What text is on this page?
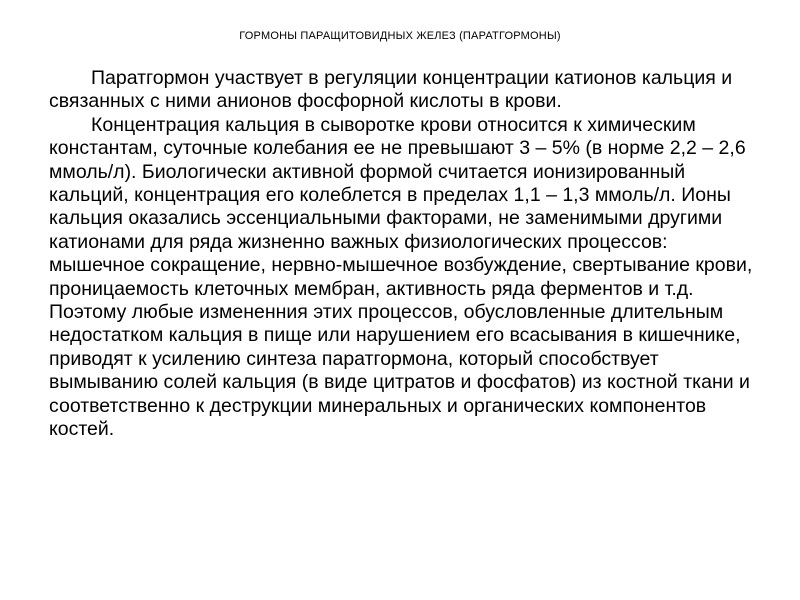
ГОРМОНЫ ПАРАЩИТОВИДНЫХ ЖЕЛЕЗ (ПАРАТГОРМОНЫ)

Паратгормон участвует в регуляции концентрации катионов кальция и связанных с ними анионов фосфорной кислоты в крови.

Концентрация кальция в сыворотке крови относится к химическим константам, суточные колебания ее не превышают 3 – 5% (в норме 2,2 – 2,6 ммоль/л). Биологически активной формой считается ионизированный кальций, концентрация его колеблется в пределах 1,1 – 1,3 ммоль/л. Ионы кальция оказались эссенциальными факторами, не заменимыми другими катионами для ряда жизненно важных физиологических процессов: мышечное сокращение, нервно-мышечное возбуждение, свертывание крови, проницаемость клеточных мембран, активность ряда ферментов и т.д. Поэтому любые измененния этих процессов, обусловленные длительным недостатком кальция в пище или нарушением его всасывания в кишечнике, приводят к усилению синтеза паратгормона, который способствует вымыванию солей кальция (в виде цитратов и фосфатов) из костной ткани и соответственно к деструкции минеральных и органических компонентов костей.
